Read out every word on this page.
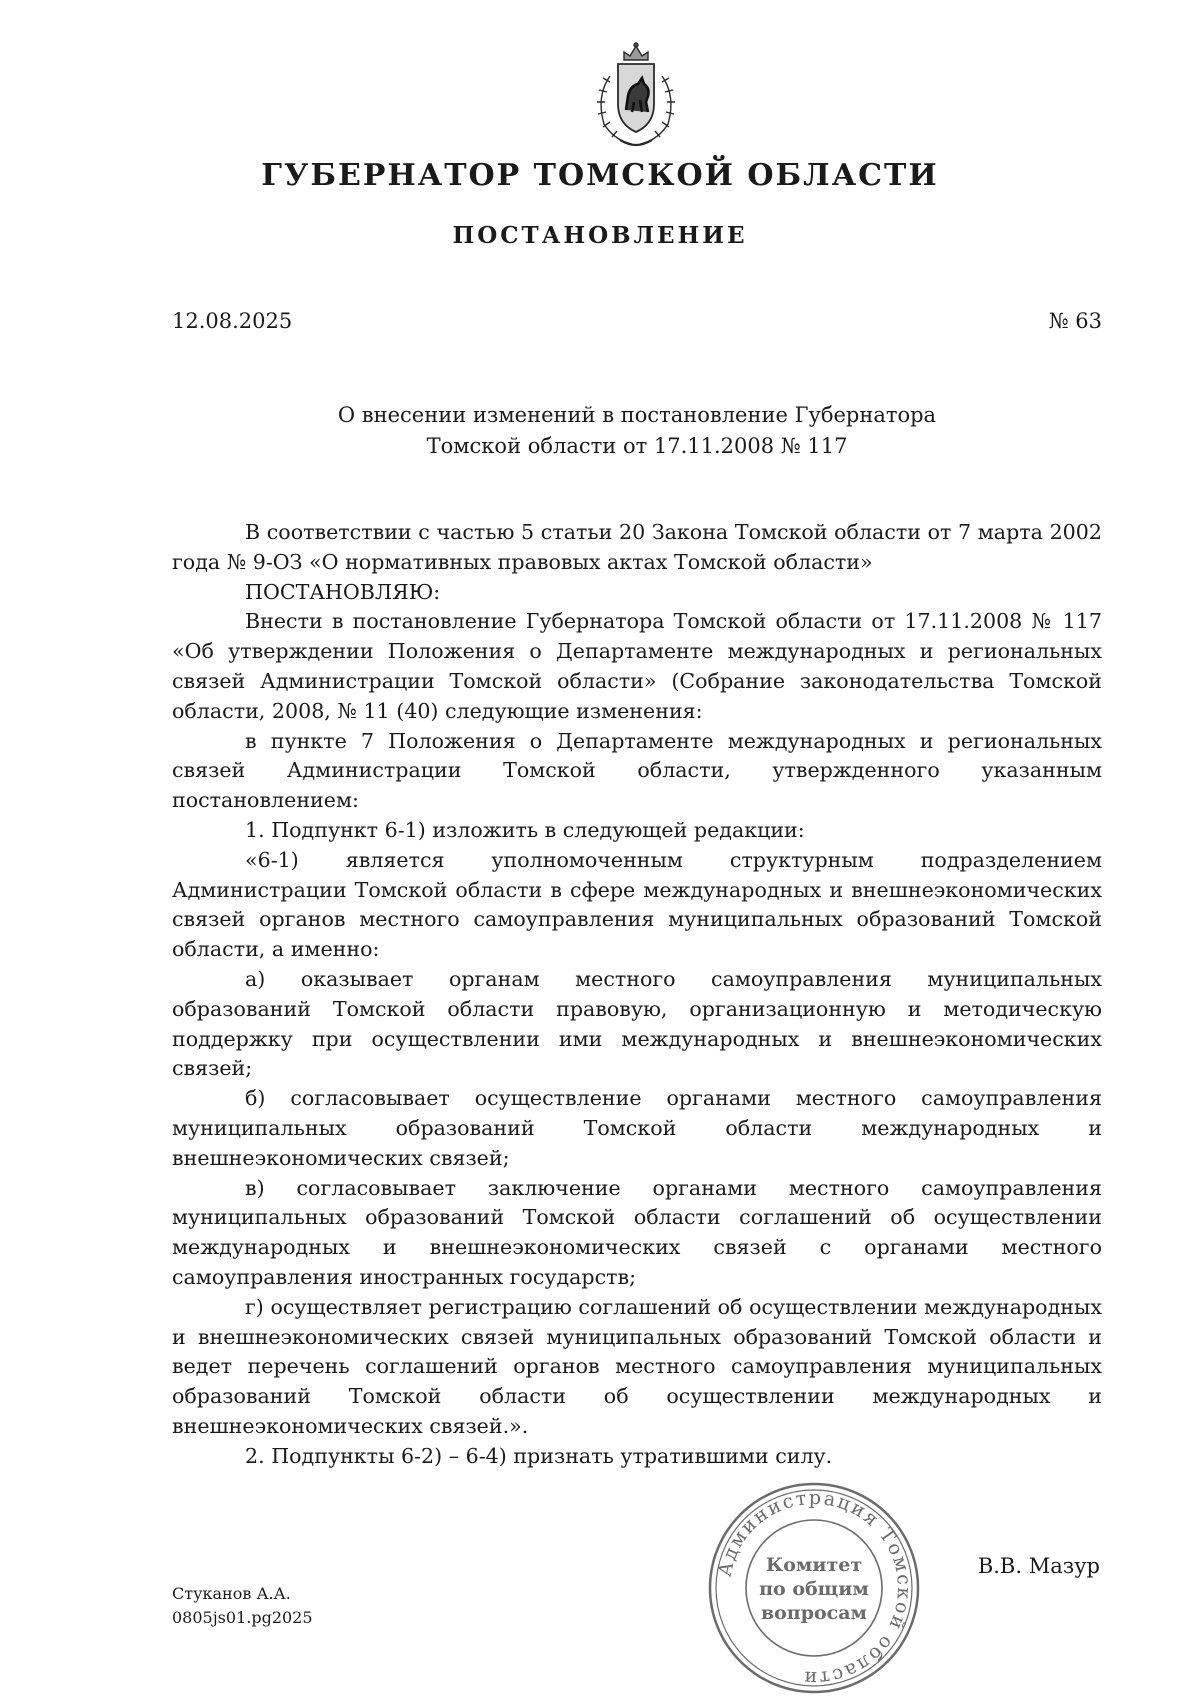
ГУБЕРНАТОР ТОМСКОЙ ОБЛАСТИ
ПОСТАНОВЛЕНИЕ
12.08.2025	№ 63
О внесении изменений в постановление Губернатора
Томской области от 17.11.2008 № 117

В соответствии с частью 5 статьи 20 Закона Томской области от 7 марта 2002 года № 9-ОЗ «О нормативных правовых актах Томской области»

ПОСТАНОВЛЯЮ:

Внести в постановление Губернатора Томской области от 17.11.2008 № 117 «Об утверждении Положения о Департаменте международных и региональных связей Администрации Томской области» (Собрание законодательства Томской области, 2008, № 11 (40) следующие изменения:

в пункте 7 Положения о Департаменте международных и региональных связей Администрации Томской области, утвержденного указанным постановлением:

1. Подпункт 6-1) изложить в следующей редакции:

«6-1) является уполномоченным структурным подразделением Администрации Томской области в сфере международных и внешнеэкономических связей органов местного самоуправления муниципальных образований Томской области, а именно:

а) оказывает органам местного самоуправления муниципальных образований Томской области правовую, организационную и методическую поддержку при осуществлении ими международных и внешнеэкономических связей;

б) согласовывает осуществление органами местного самоуправления муниципальных образований Томской области международных и внешнеэкономических связей;

в) согласовывает заключение органами местного самоуправления муниципальных образований Томской области соглашений об осуществлении международных и внешнеэкономических связей с органами местного самоуправления иностранных государств;

г) осуществляет регистрацию соглашений об осуществлении международных и внешнеэкономических связей муниципальных образований Томской области и ведет перечень соглашений органов местного самоуправления муниципальных образований Томской области об осуществлении международных и внешнеэкономических связей.».

2. Подпункты 6-2) – 6-4) признать утратившими силу.

Администрация Томской области
Комитет
по общим
вопросам
В.В. Мазур
Стуканов А.А.
0805js01.pg2025
